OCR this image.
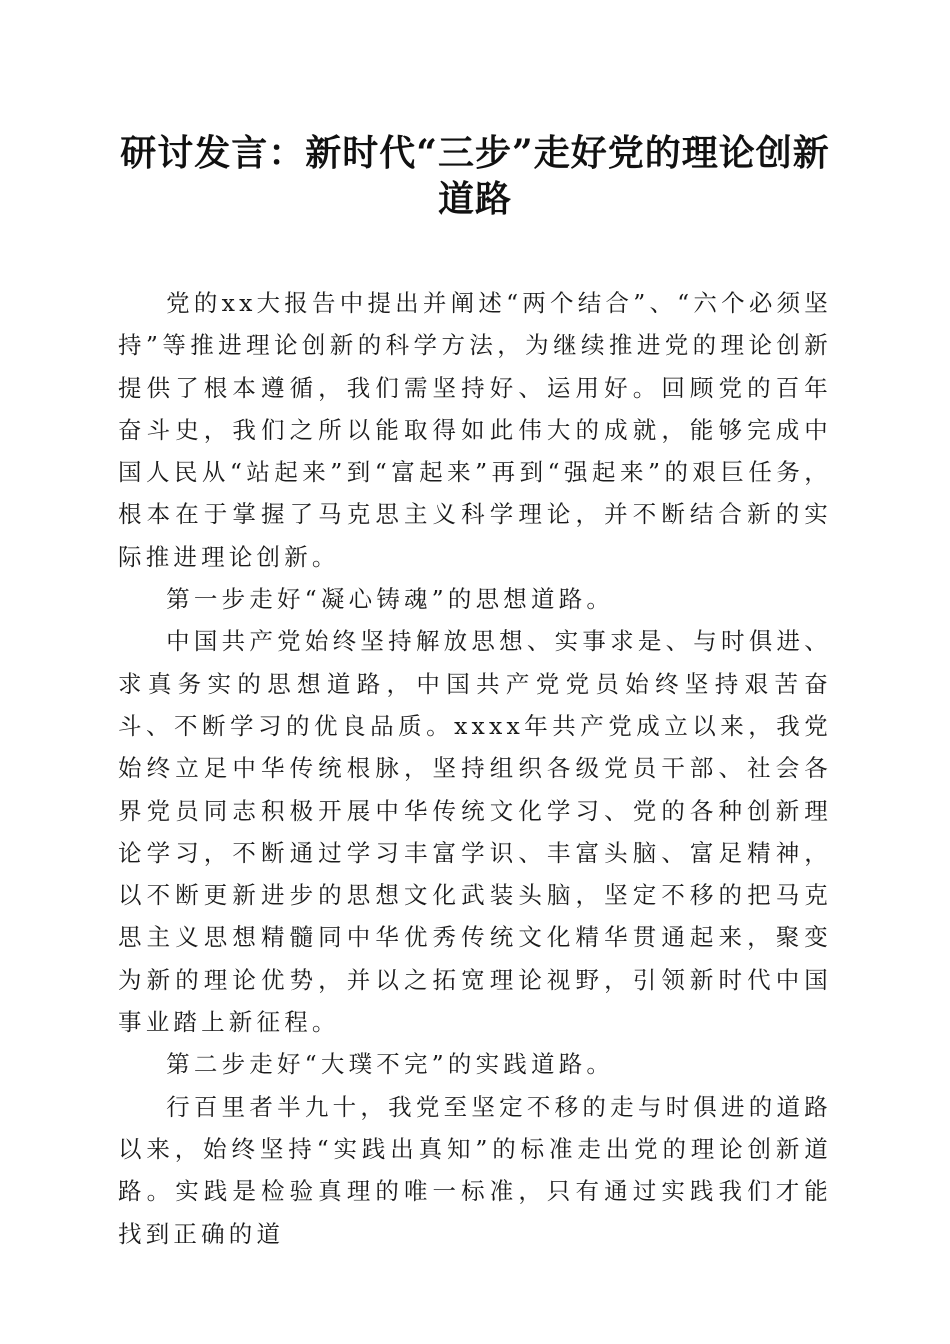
研讨发言：新时代“三步”走好党的理论创新
道路

党的xx大报告中提出并阐述“两个结合”、“六个必须坚持”等推进理论创新的科学方法，为继续推进党的理论创新提供了根本遵循，我们需坚持好、运用好。回顾党的百年奋斗史，我们之所以能取得如此伟大的成就，能够完成中国人民从“站起来”到“富起来”再到“强起来”的艰巨任务，根本在于掌握了马克思主义科学理论，并不断结合新的实际推进理论创新。

第一步走好“凝心铸魂”的思想道路。

中国共产党始终坚持解放思想、实事求是、与时俱进、求真务实的思想道路，中国共产党党员始终坚持艰苦奋斗、不断学习的优良品质。xxxx年共产党成立以来，我党始终立足中华传统根脉，坚持组织各级党员干部、社会各界党员同志积极开展中华传统文化学习、党的各种创新理论学习，不断通过学习丰富学识、丰富头脑、富足精神，以不断更新进步的思想文化武装头脑，坚定不移的把马克思主义思想精髓同中华优秀传统文化精华贯通起来，聚变为新的理论优势，并以之拓宽理论视野，引领新时代中国事业踏上新征程。

第二步走好“大璞不完”的实践道路。

行百里者半九十，我党至坚定不移的走与时俱进的道路以来，始终坚持“实践出真知”的标准走出党的理论创新道路。实践是检验真理的唯一标准，只有通过实践我们才能找到正确的道
